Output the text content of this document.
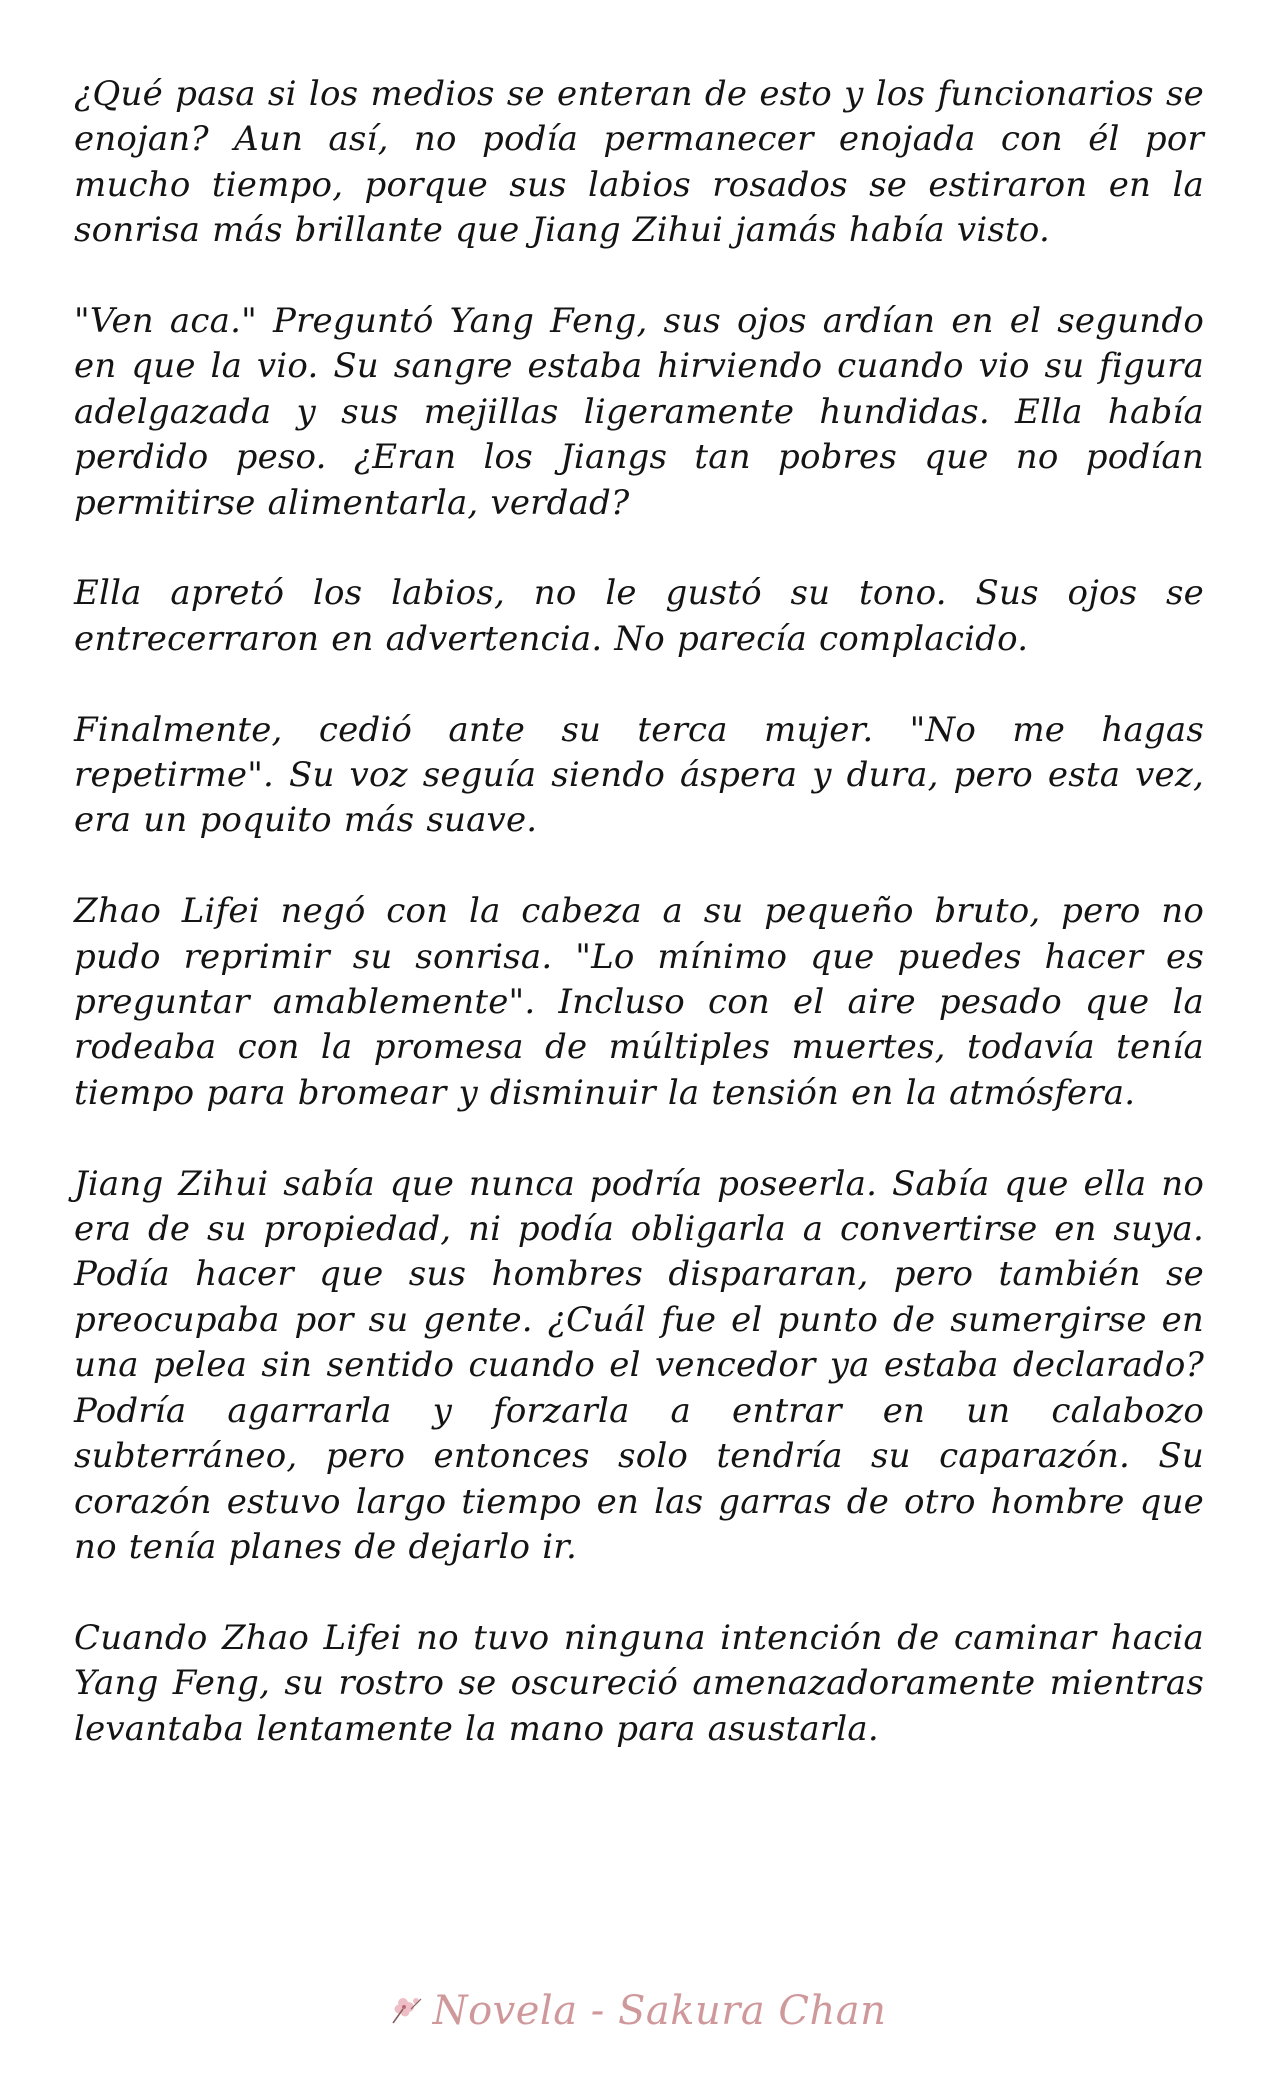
¿Qué pasa si los medios se enteran de esto y los funcionarios se enojan? Aun así, no podía permanecer enojada con él por mucho tiempo, porque sus labios rosados se estiraron en la sonrisa más brillante que Jiang Zihui jamás había visto.

"Ven aca." Preguntó Yang Feng, sus ojos ardían en el segundo en que la vio. Su sangre estaba hirviendo cuando vio su figura adelgazada y sus mejillas ligeramente hundidas. Ella había perdido peso. ¿Eran los Jiangs tan pobres que no podían permitirse alimentarla, verdad?

Ella apretó los labios, no le gustó su tono. Sus ojos se entrecerraron en advertencia. No parecía complacido.

Finalmente, cedió ante su terca mujer. "No me hagas repetirme". Su voz seguía siendo áspera y dura, pero esta vez, era un poquito más suave.

Zhao Lifei negó con la cabeza a su pequeño bruto, pero no pudo reprimir su sonrisa. "Lo mínimo que puedes hacer es preguntar amablemente". Incluso con el aire pesado que la rodeaba con la promesa de múltiples muertes, todavía tenía tiempo para bromear y disminuir la tensión en la atmósfera.

Jiang Zihui sabía que nunca podría poseerla. Sabía que ella no era de su propiedad, ni podía obligarla a convertirse en suya. Podía hacer que sus hombres dispararan, pero también se preocupaba por su gente. ¿Cuál fue el punto de sumergirse en una pelea sin sentido cuando el vencedor ya estaba declarado? Podría agarrarla y forzarla a entrar en un calabozo subterráneo, pero entonces solo tendría su caparazón. Su corazón estuvo largo tiempo en las garras de otro hombre que no tenía planes de dejarlo ir.

Cuando Zhao Lifei no tuvo ninguna intención de caminar hacia Yang Feng, su rostro se oscureció amenazadoramente mientras levantaba lentamente la mano para asustarla.

Novela - Sakura Chan
